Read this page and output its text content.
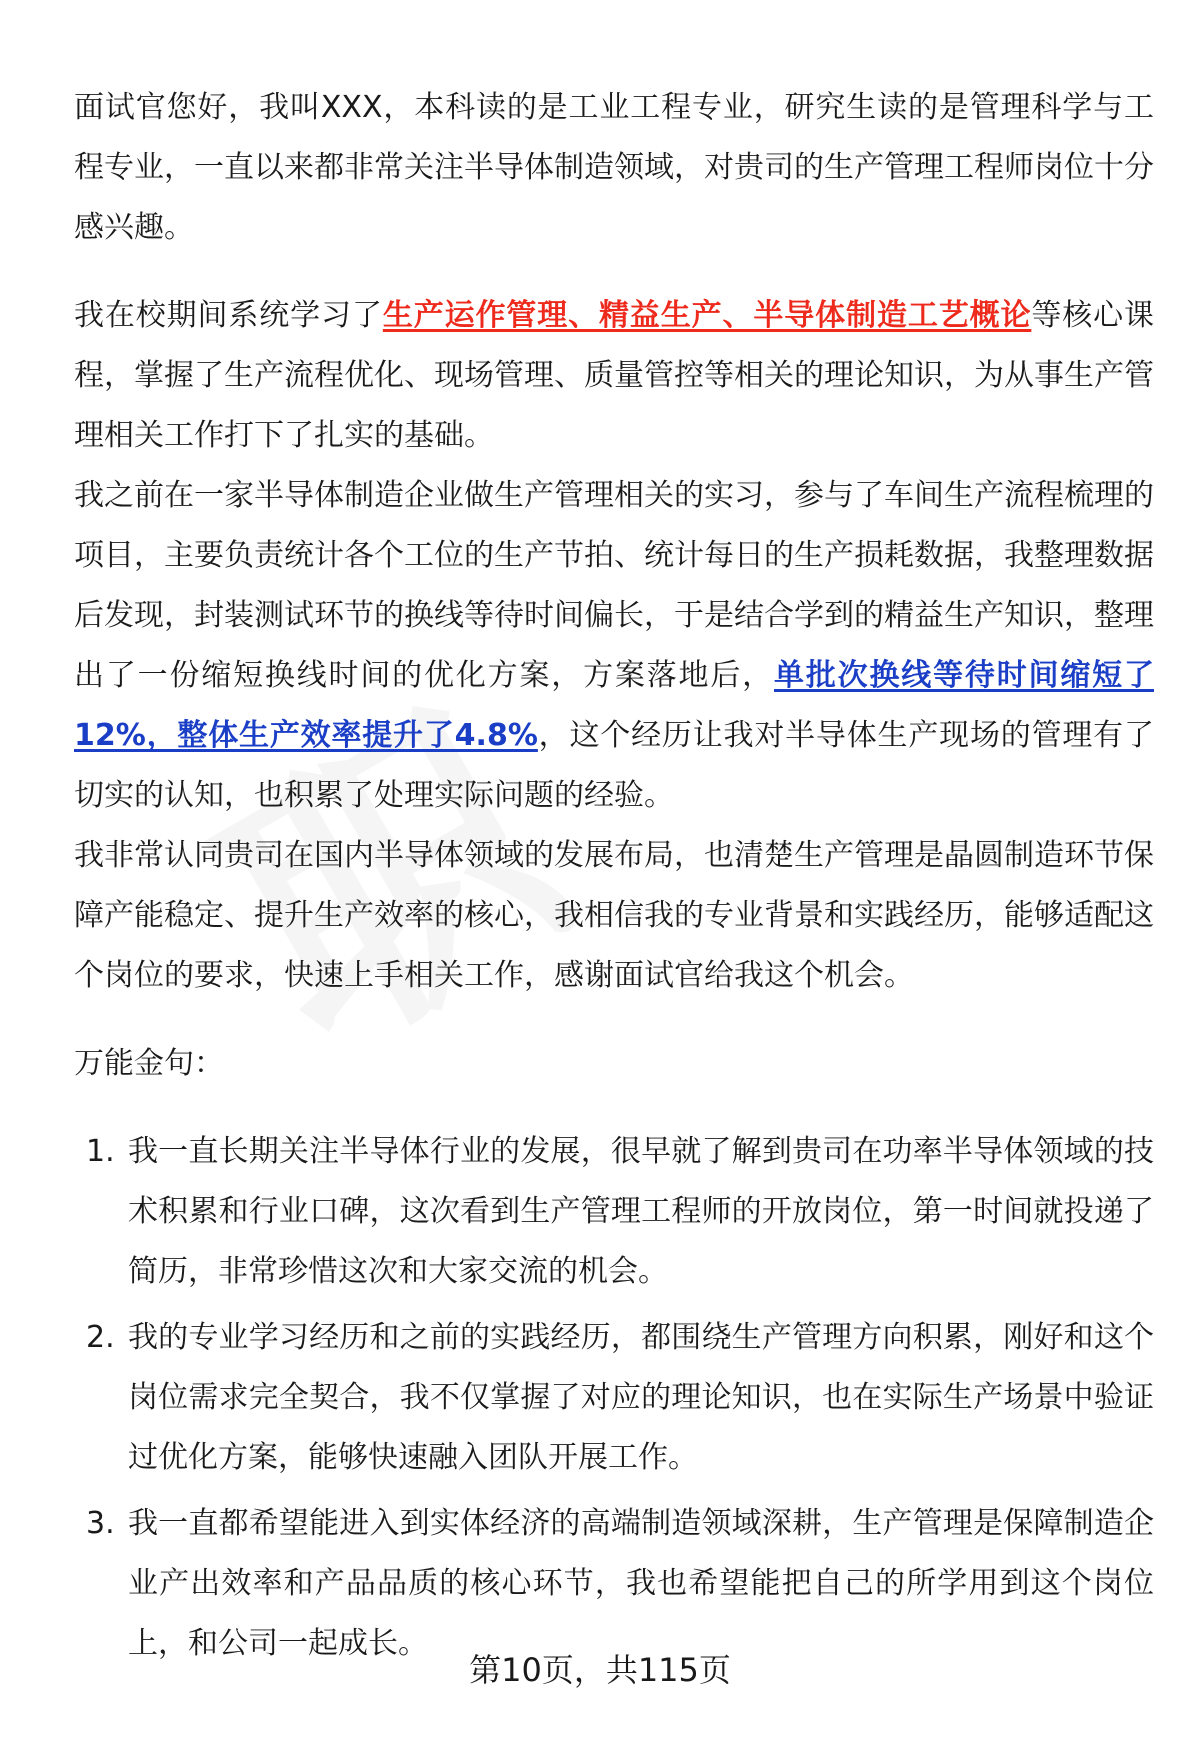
面试官您好，我叫XXX，本科读的是工业工程专业，研究生读的是管理科学与工程专业，一直以来都非常关注半导体制造领域，对贵司的生产管理工程师岗位十分感兴趣。

我在校期间系统学习了生产运作管理、精益生产、半导体制造工艺概论等核心课程，掌握了生产流程优化、现场管理、质量管控等相关的理论知识，为从事生产管理相关工作打下了扎实的基础。

我之前在一家半导体制造企业做生产管理相关的实习，参与了车间生产流程梳理的项目，主要负责统计各个工位的生产节拍、统计每日的生产损耗数据，我整理数据后发现，封装测试环节的换线等待时间偏长，于是结合学到的精益生产知识，整理出了一份缩短换线时间的优化方案，方案落地后，单批次换线等待时间缩短了12%，整体生产效率提升了4.8%，这个经历让我对半导体生产现场的管理有了切实的认知，也积累了处理实际问题的经验。

我非常认同贵司在国内半导体领域的发展布局，也清楚生产管理是晶圆制造环节保障产能稳定、提升生产效率的核心，我相信我的专业背景和实践经历，能够适配这个岗位的要求，快速上手相关工作，感谢面试官给我这个机会。

万能金句：

1. 我一直长期关注半导体行业的发展，很早就了解到贵司在功率半导体领域的技术积累和行业口碑，这次看到生产管理工程师的开放岗位，第一时间就投递了简历，非常珍惜这次和大家交流的机会。
2. 我的专业学习经历和之前的实践经历，都围绕生产管理方向积累，刚好和这个岗位需求完全契合，我不仅掌握了对应的理论知识，也在实际生产场景中验证过优化方案，能够快速融入团队开展工作。
3. 我一直都希望能进入到实体经济的高端制造领域深耕，生产管理是保障制造企业产出效率和产品品质的核心环节，我也希望能把自己的所学用到这个岗位上，和公司一起成长。
第10页，共115页
